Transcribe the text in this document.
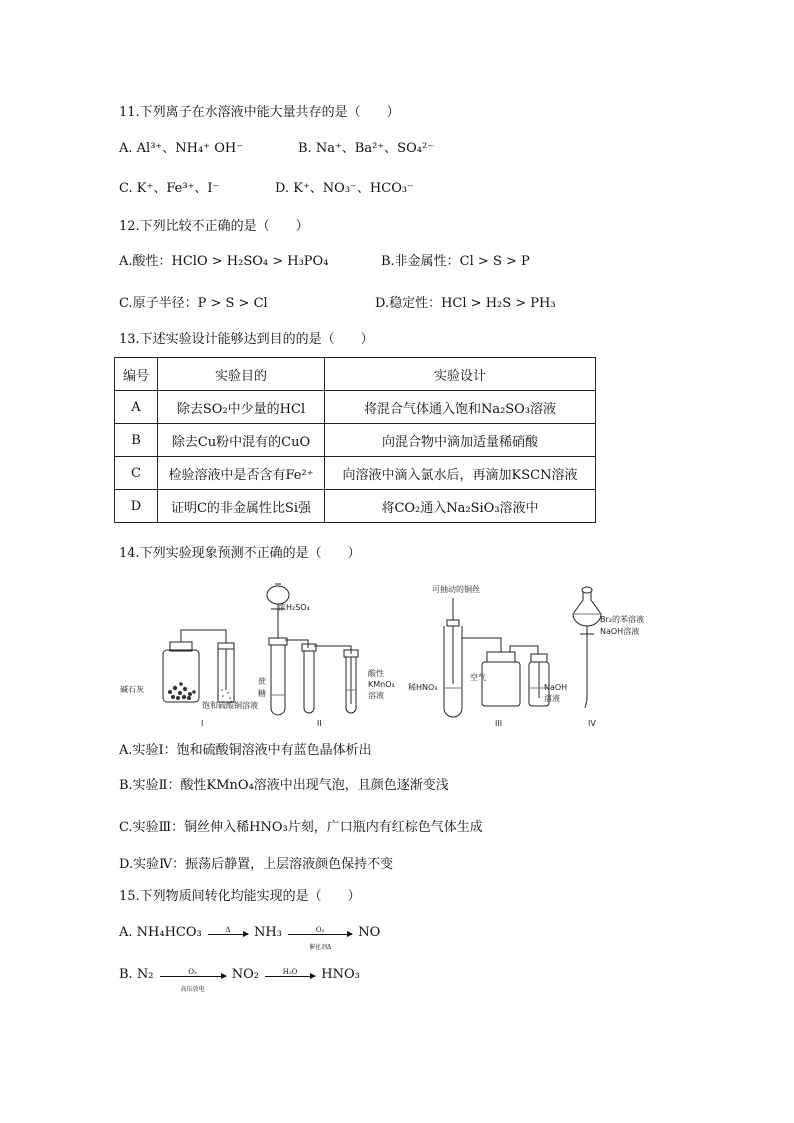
11.下列离子在水溶液中能大量共存的是（　　）
A. Al³⁺、NH₄⁺ OH⁻	B. Na⁺、Ba²⁺、SO₄²⁻
C. K⁺、Fe³⁺、I⁻	D. K⁺、NO₃⁻、HCO₃⁻
12.下列比较不正确的是（　　）
A.酸性：HClO > H₂SO₄ > H₃PO₄	B.非金属性：Cl > S > P
C.原子半径：P > S > Cl	D.稳定性：HCl > H₂S > PH₃
13.下述实验设计能够达到目的的是（　　）
编号	实验目的	实验设计
A	除去SO₂中少量的HCl	将混合气体通入饱和Na₂SO₃溶液
B	除去Cu粉中混有的CuO	向混合物中滴加适量稀硝酸
C	检验溶液中是否含有Fe²⁺	向溶液中滴入氯水后，再滴加KSCN溶液
D	证明C的非金属性比Si强	将CO₂通入Na₂SiO₃溶液中
14.下列实验现象预测不正确的是（　　）
浓H₂SO₄
碱石灰
饱和硫酸铜溶液
蔗
糖
酸性
KMnO₄
溶液
可抽动的铜丝
稀HNO₃
空气
NaOH
溶液
Br₂的苯溶液
NaOH溶液
I	II	III	IV
A.实验Ⅰ：饱和硫酸铜溶液中有蓝色晶体析出
B.实验Ⅱ：酸性KMnO₄溶液中出现气泡，且颜色逐渐变浅
C.实验Ⅲ：铜丝伸入稀HNO₃片刻，广口瓶内有红棕色气体生成
D.实验Ⅳ：振荡后静置，上层溶液颜色保持不变
15.下列物质间转化均能实现的是（　　）
A. NH₄HCO₃	Δ	NH₃	O₂
催化剂Δ
NO
B. N₂	O₂
高压放电
NO₂	H₂O	HNO₃
